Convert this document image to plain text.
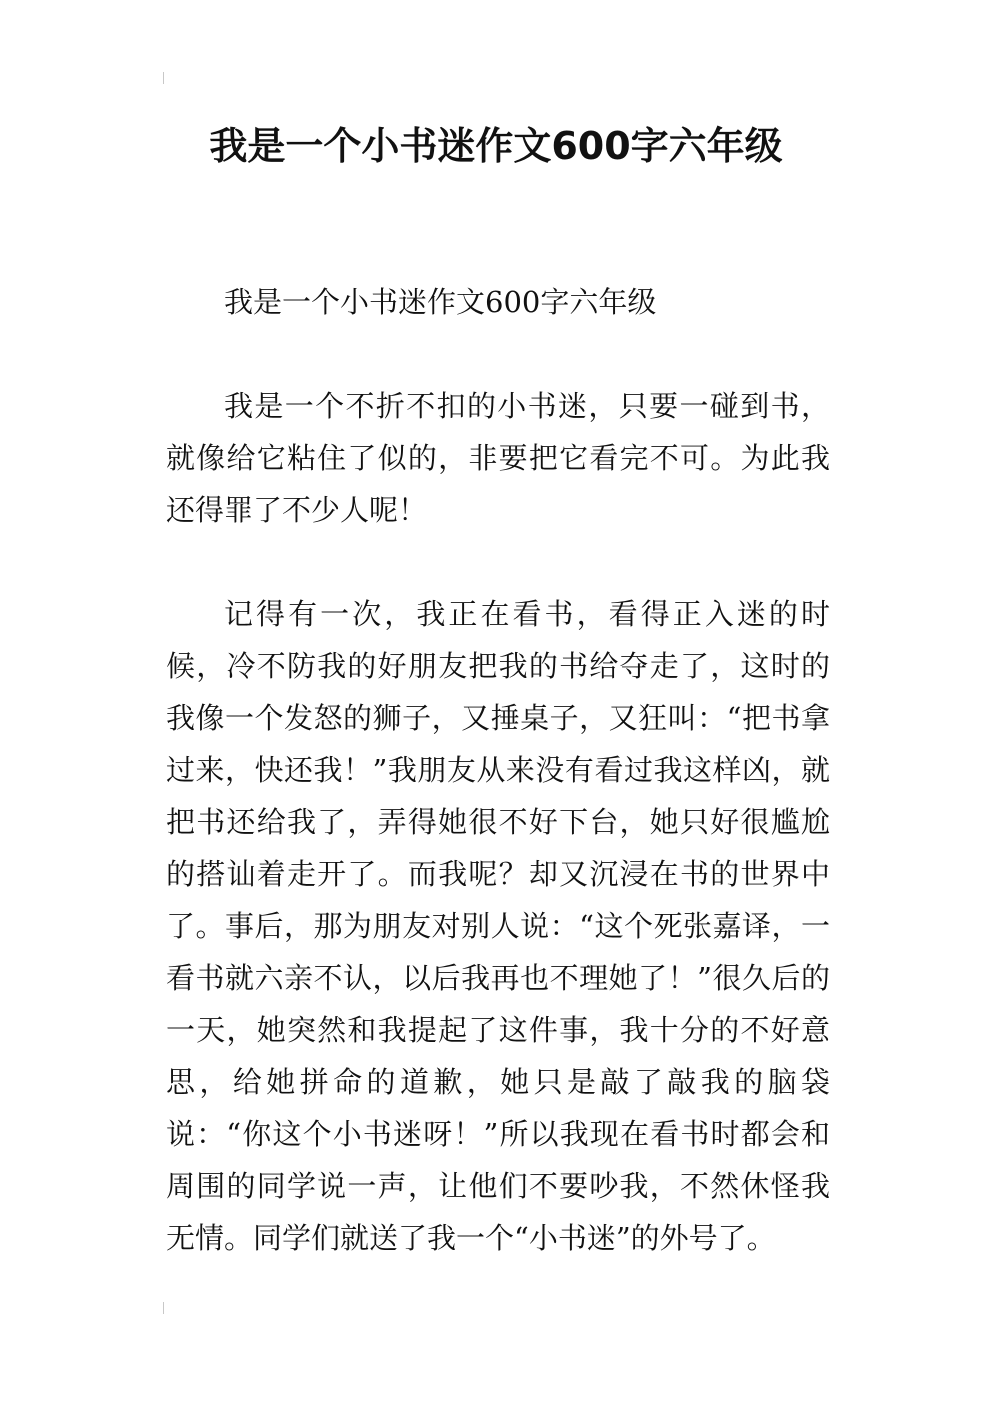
我是一个小书迷作文600字六年级

我是一个小书迷作文600字六年级

我是一个不折不扣的小书迷，只要一碰到书，就像给它粘住了似的，非要把它看完不可。为此我还得罪了不少人呢！

记得有一次，我正在看书，看得正入迷的时候，冷不防我的好朋友把我的书给夺走了，这时的我像一个发怒的狮子，又捶桌子，又狂叫：“把书拿过来，快还我！”我朋友从来没有看过我这样凶，就把书还给我了，弄得她很不好下台，她只好很尴尬的搭讪着走开了。而我呢？却又沉浸在书的世界中了。事后，那为朋友对别人说：“这个死张嘉译，一看书就六亲不认，以后我再也不理她了！”很久后的一天，她突然和我提起了这件事，我十分的不好意思，给她拼命的道歉，她只是敲了敲我的脑袋说：“你这个小书迷呀！”所以我现在看书时都会和周围的同学说一声，让他们不要吵我，不然休怪我无情。同学们就送了我一个“小书迷”的外号了。
